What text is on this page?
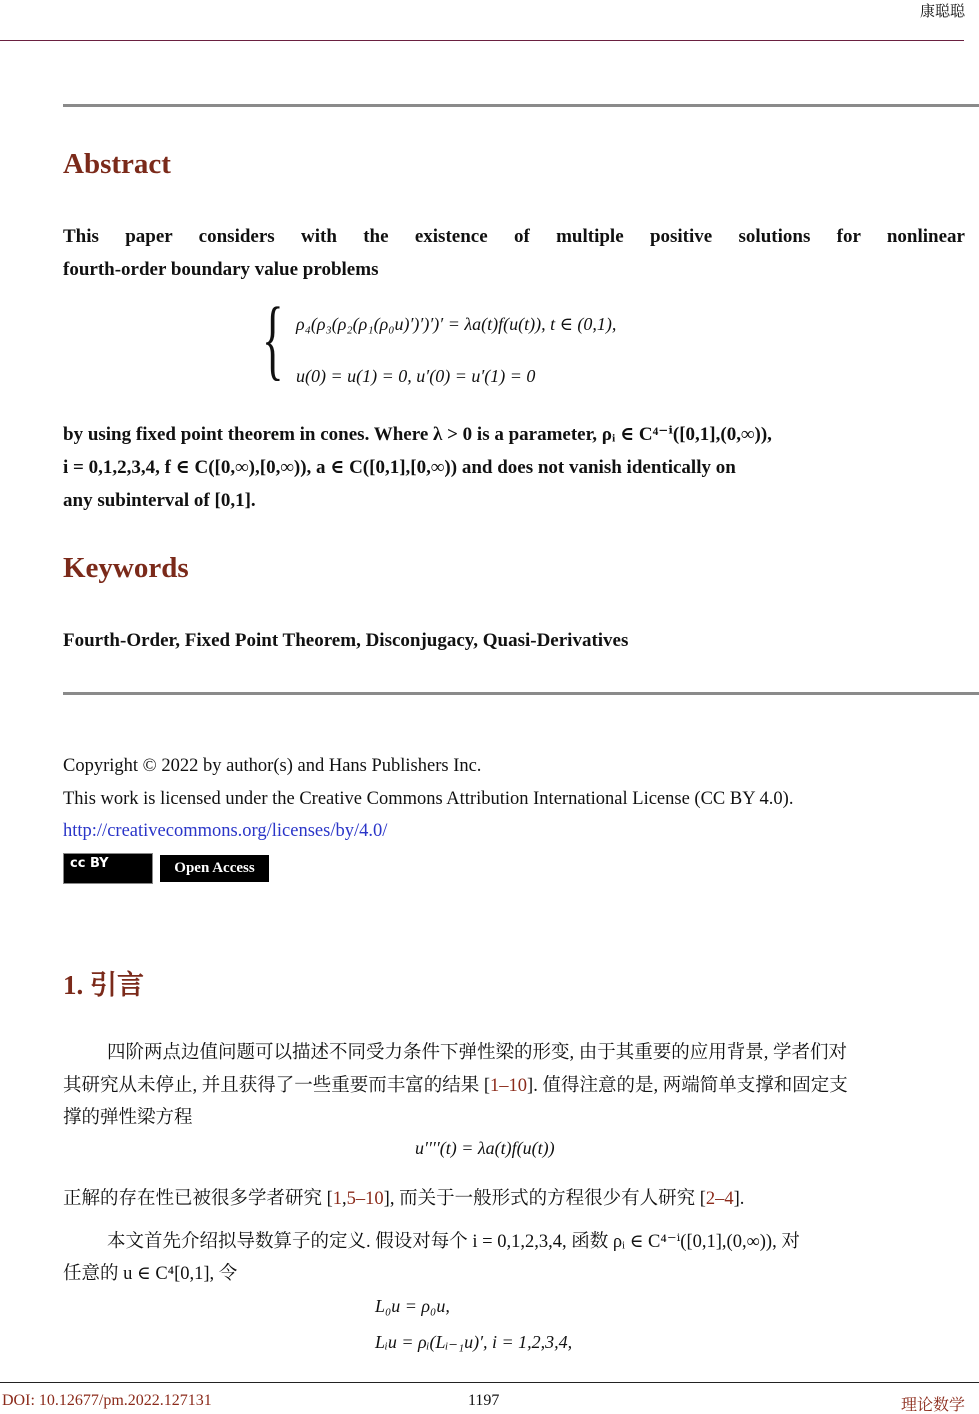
康聪聪
Abstract
This paper considers with the existence of multiple positive solutions for nonlinear
fourth-order boundary value problems
{ ρ₄(ρ₃(ρ₂(ρ₁(ρ₀u)′)′)′)′ = λa(t)f(u(t)), t ∈ (0,1),
u(0) = u(1) = 0, u′(0) = u′(1) = 0
by using fixed point theorem in cones. Where λ > 0 is a parameter, ρᵢ ∈ C⁴⁻ⁱ([0,1],(0,∞)),
i = 0,1,2,3,4, f ∈ C([0,∞),[0,∞)), a ∈ C([0,1],[0,∞)) and does not vanish identically on
any subinterval of [0,1].
Keywords
Fourth-Order, Fixed Point Theorem, Disconjugacy, Quasi-Derivatives
Copyright © 2022 by author(s) and Hans Publishers Inc.
This work is licensed under the Creative Commons Attribution International License (CC BY 4.0).
http://creativecommons.org/licenses/by/4.0/
cc BY	Open Access
1. 引言
四阶两点边值问题可以描述不同受力条件下弹性梁的形变, 由于其重要的应用背景, 学者们对
其研究从未停止, 并且获得了一些重要而丰富的结果 [1–10]. 值得注意的是, 两端简单支撑和固定支
撑的弹性梁方程
u′′′′(t) = λa(t)f(u(t))
正解的存在性已被很多学者研究 [1,5–10], 而关于一般形式的方程很少有人研究 [2–4].
本文首先介绍拟导数算子的定义. 假设对每个 i = 0,1,2,3,4, 函数 ρᵢ ∈ C⁴⁻ⁱ([0,1],(0,∞)), 对
任意的 u ∈ C⁴[0,1], 令
L₀u = ρ₀u,
Lᵢu = ρᵢ(Lᵢ₋₁u)′, i = 1,2,3,4,
DOI: 10.12677/pm.2022.127131	1197	理论数学
